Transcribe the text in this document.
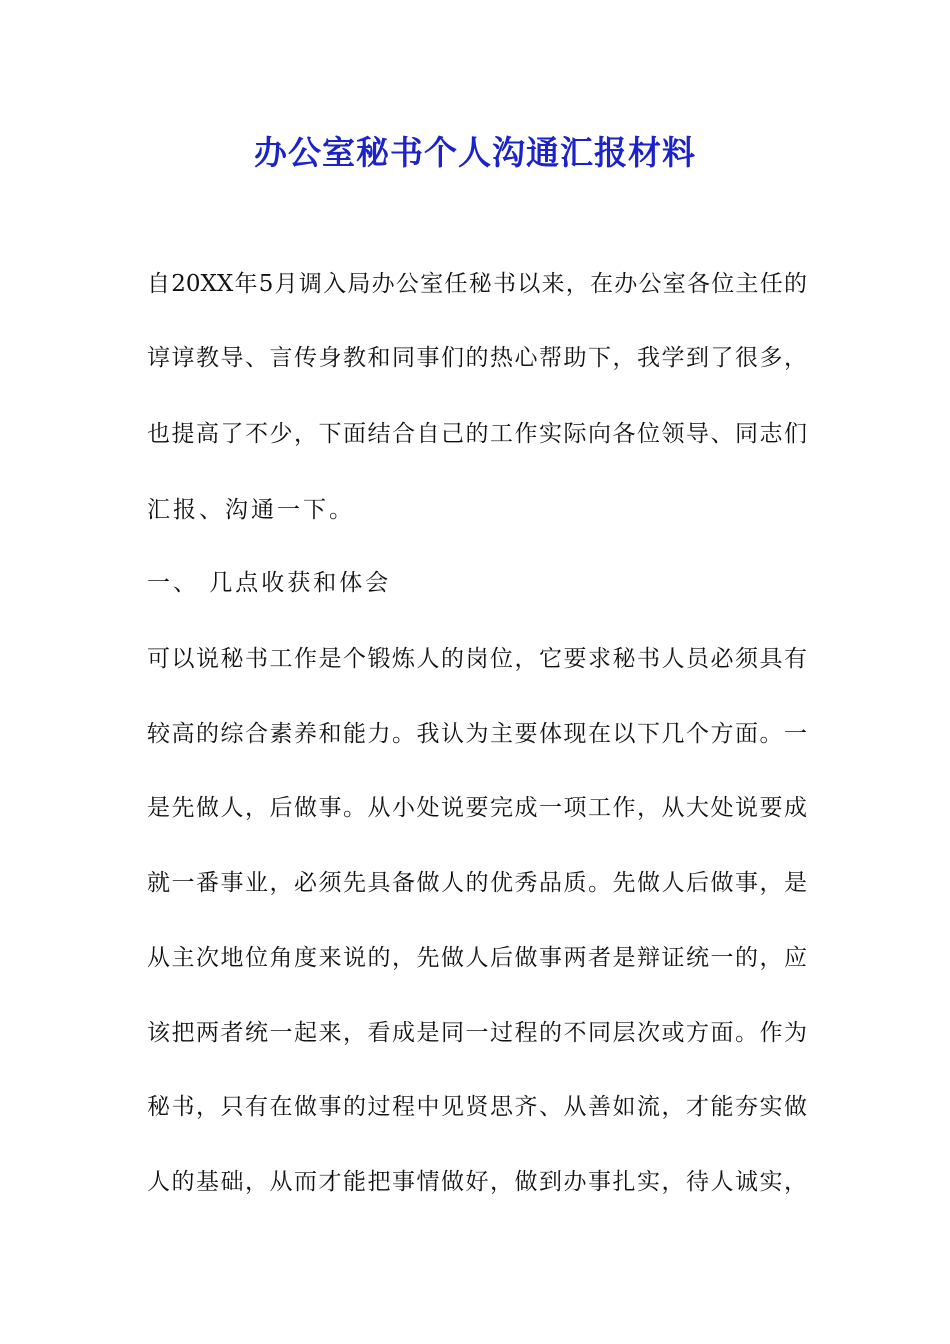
办公室秘书个人沟通汇报材料
自20XX年5月调入局办公室任秘书以来，在办公室各位主任的
谆谆教导、言传身教和同事们的热心帮助下，我学到了很多，
也提高了不少，下面结合自己的工作实际向各位领导、同志们
汇报、沟通一下。
一、 几点收获和体会
可以说秘书工作是个锻炼人的岗位，它要求秘书人员必须具有
较高的综合素养和能力。我认为主要体现在以下几个方面。一
是先做人，后做事。从小处说要完成一项工作，从大处说要成
就一番事业，必须先具备做人的优秀品质。先做人后做事，是
从主次地位角度来说的，先做人后做事两者是辩证统一的，应
该把两者统一起来，看成是同一过程的不同层次或方面。作为
秘书，只有在做事的过程中见贤思齐、从善如流，才能夯实做
人的基础，从而才能把事情做好，做到办事扎实，待人诚实，
